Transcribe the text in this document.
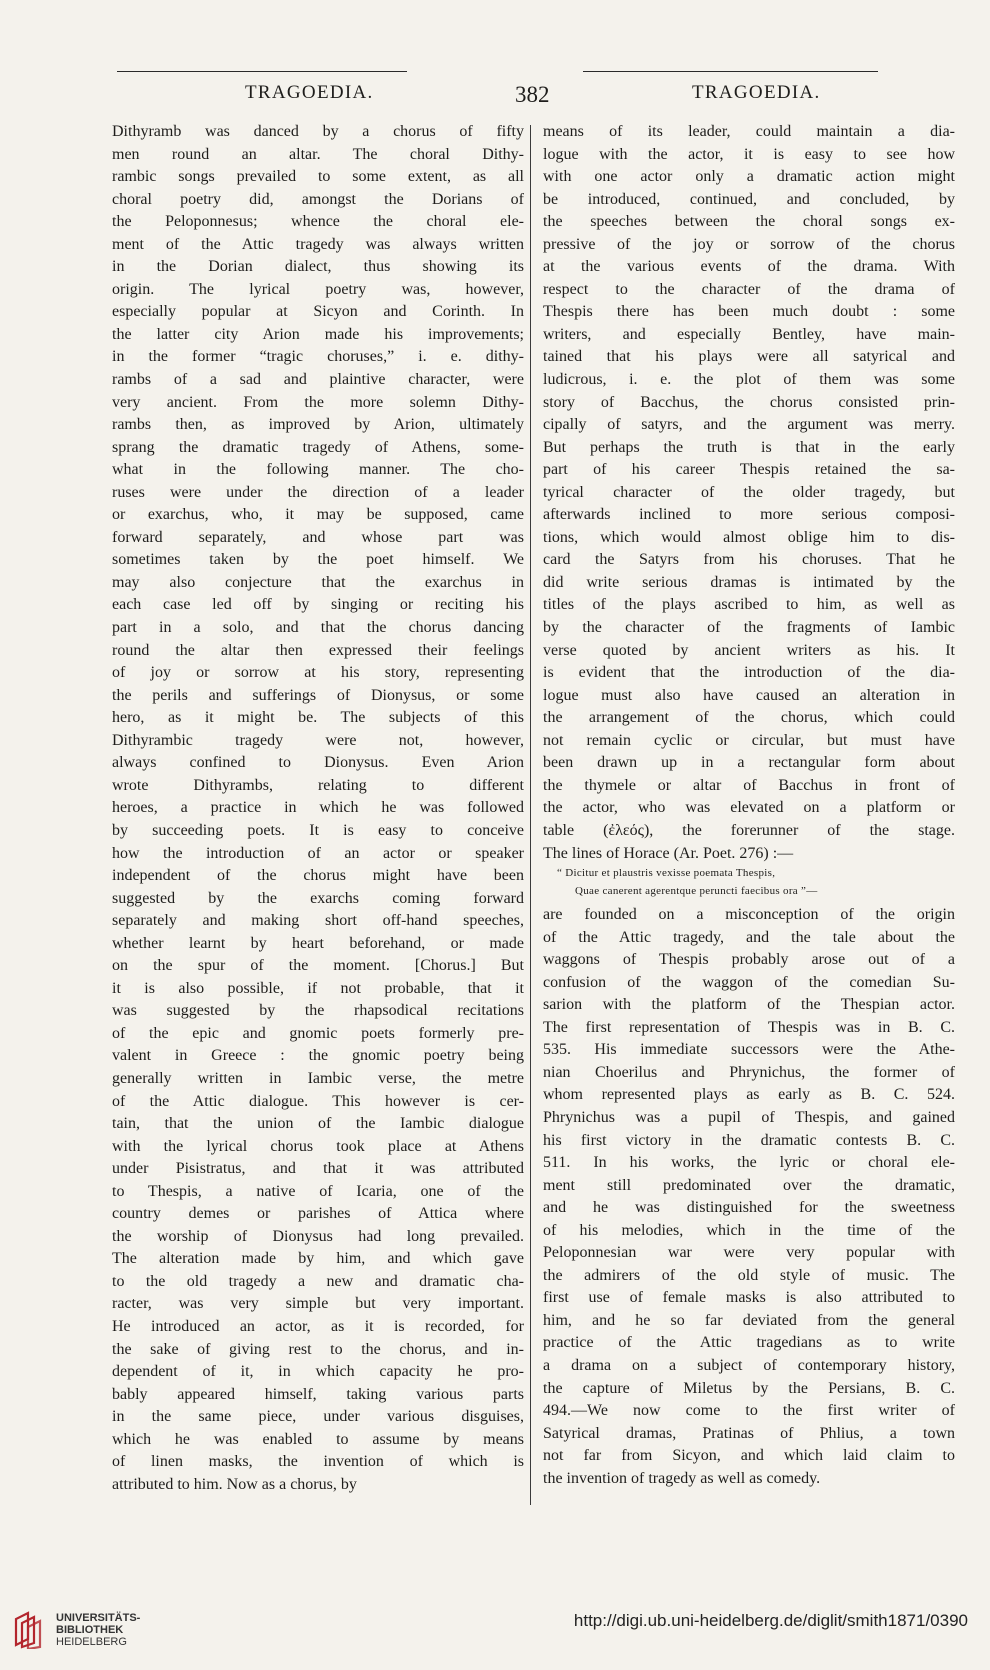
TRAGOEDIA.	382	TRAGOEDIA.
Dithyramb was danced by a chorus of fifty
men round an altar. The choral Dithy-
rambic songs prevailed to some extent, as all
choral poetry did, amongst the Dorians of
the Peloponnesus; whence the choral ele-
ment of the Attic tragedy was always written
in the Dorian dialect, thus showing its
origin. The lyrical poetry was, however,
especially popular at Sicyon and Corinth. In
the latter city Arion made his improvements;
in the former “tragic choruses,” i. e. dithy-
rambs of a sad and plaintive character, were
very ancient. From the more solemn Dithy-
rambs then, as improved by Arion, ultimately
sprang the dramatic tragedy of Athens, some-
what in the following manner. The cho-
ruses were under the direction of a leader
or exarchus, who, it may be supposed, came
forward separately, and whose part was
sometimes taken by the poet himself. We
may also conjecture that the exarchus in
each case led off by singing or reciting his
part in a solo, and that the chorus dancing
round the altar then expressed their feelings
of joy or sorrow at his story, representing
the perils and sufferings of Dionysus, or some
hero, as it might be. The subjects of this
Dithyrambic tragedy were not, however,
always confined to Dionysus. Even Arion
wrote Dithyrambs, relating to different
heroes, a practice in which he was followed
by succeeding poets. It is easy to conceive
how the introduction of an actor or speaker
independent of the chorus might have been
suggested by the exarchs coming forward
separately and making short off-hand speeches,
whether learnt by heart beforehand, or made
on the spur of the moment. [Chorus.] But
it is also possible, if not probable, that it
was suggested by the rhapsodical recitations
of the epic and gnomic poets formerly pre-
valent in Greece : the gnomic poetry being
generally written in Iambic verse, the metre
of the Attic dialogue. This however is cer-
tain, that the union of the Iambic dialogue
with the lyrical chorus took place at Athens
under Pisistratus, and that it was attributed
to Thespis, a native of Icaria, one of the
country demes or parishes of Attica where
the worship of Dionysus had long prevailed.
The alteration made by him, and which gave
to the old tragedy a new and dramatic cha-
racter, was very simple but very important.
He introduced an actor, as it is recorded, for
the sake of giving rest to the chorus, and in-
dependent of it, in which capacity he pro-
bably appeared himself, taking various parts
in the same piece, under various disguises,
which he was enabled to assume by means
of linen masks, the invention of which is
attributed to him. Now as a chorus, by
means of its leader, could maintain a dia-
logue with the actor, it is easy to see how
with one actor only a dramatic action might
be introduced, continued, and concluded, by
the speeches between the choral songs ex-
pressive of the joy or sorrow of the chorus
at the various events of the drama. With
respect to the character of the drama of
Thespis there has been much doubt : some
writers, and especially Bentley, have main-
tained that his plays were all satyrical and
ludicrous, i. e. the plot of them was some
story of Bacchus, the chorus consisted prin-
cipally of satyrs, and the argument was merry.
But perhaps the truth is that in the early
part of his career Thespis retained the sa-
tyrical character of the older tragedy, but
afterwards inclined to more serious composi-
tions, which would almost oblige him to dis-
card the Satyrs from his choruses. That he
did write serious dramas is intimated by the
titles of the plays ascribed to him, as well as
by the character of the fragments of Iambic
verse quoted by ancient writers as his. It
is evident that the introduction of the dia-
logue must also have caused an alteration in
the arrangement of the chorus, which could
not remain cyclic or circular, but must have
been drawn up in a rectangular form about
the thymele or altar of Bacchus in front of
the actor, who was elevated on a platform or
table (ἐλεός), the forerunner of the stage.
The lines of Horace (Ar. Poet. 276) :—
“ Dicitur et plaustris vexisse poemata Thespis,
Quae canerent agerentque peruncti faecibus ora ”—
are founded on a misconception of the origin
of the Attic tragedy, and the tale about the
waggons of Thespis probably arose out of a
confusion of the waggon of the comedian Su-
sarion with the platform of the Thespian actor.
The first representation of Thespis was in B. C.
535. His immediate successors were the Athe-
nian Choerilus and Phrynichus, the former of
whom represented plays as early as B. C. 524.
Phrynichus was a pupil of Thespis, and gained
his first victory in the dramatic contests B. C.
511. In his works, the lyric or choral ele-
ment still predominated over the dramatic,
and he was distinguished for the sweetness
of his melodies, which in the time of the
Peloponnesian war were very popular with
the admirers of the old style of music. The
first use of female masks is also attributed to
him, and he so far deviated from the general
practice of the Attic tragedians as to write
a drama on a subject of contemporary history,
the capture of Miletus by the Persians, B. C.
494.—We now come to the first writer of
Satyrical dramas, Pratinas of Phlius, a town
not far from Sicyon, and which laid claim to
the invention of tragedy as well as comedy.
UNIVERSITÄTS-
BIBLIOTHEK
HEIDELBERG
http://digi.ub.uni-heidelberg.de/diglit/smith1871/0390
